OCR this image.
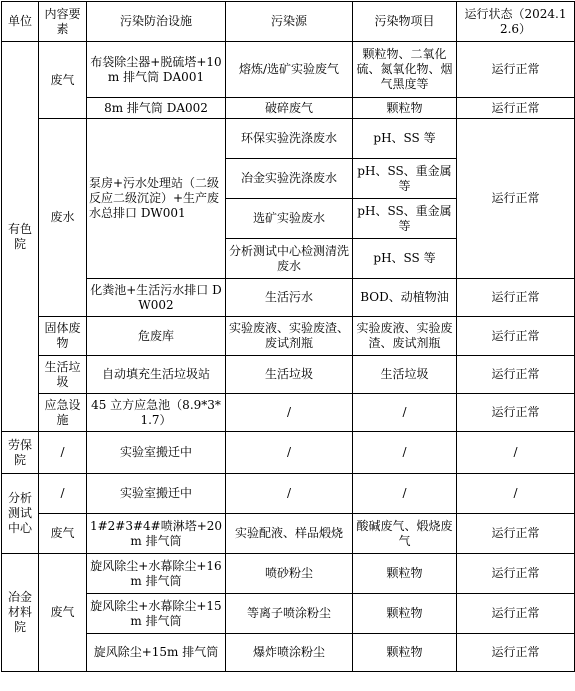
单位	内容要素	污染防治设施	污染源	污染物项目	运行状态（2024.12.6）
有色院	废气	布袋除尘器+脱硫塔+10m 排气筒 DA001	熔炼/选矿实验废气	颗粒物、二氧化硫、氮氧化物、烟气黑度等	运行正常
		8m 排气筒 DA002	破碎废气	颗粒物	运行正常
	废水	泵房+污水处理站（二级反应二级沉淀）+生产废水总排口 DW001	环保实验洗涤废水	pH、SS 等	运行正常
			冶金实验洗涤废水	pH、SS、重金属等	
			选矿实验废水	pH、SS、重金属等	
			分析测试中心检测清洗废水	pH、SS 等	
		化粪池+生活污水排口 DW002	生活污水	BOD、动植物油	运行正常
	固体废物	危废库	实验废液、实验废渣、废试剂瓶	实验废液、实验废渣、废试剂瓶	运行正常
	生活垃圾	自动填充生活垃圾站	生活垃圾	生活垃圾	运行正常
	应急设施	45 立方应急池（8.9*3*1.7）	/	/	运行正常
劳保院	/	实验室搬迁中	/	/	/
分析测试中心	/	实验室搬迁中	/	/	/
	废气	1#2#3#4#喷淋塔+20m 排气筒	实验配液、样品煅烧	酸碱废气、煅烧废气	运行正常
冶金材料院	废气	旋风除尘+水幕除尘+16m 排气筒	喷砂粉尘	颗粒物	运行正常
		旋风除尘+水幕除尘+15m 排气筒	等离子喷涂粉尘	颗粒物	运行正常
		旋风除尘+15m 排气筒	爆炸喷涂粉尘	颗粒物	运行正常
